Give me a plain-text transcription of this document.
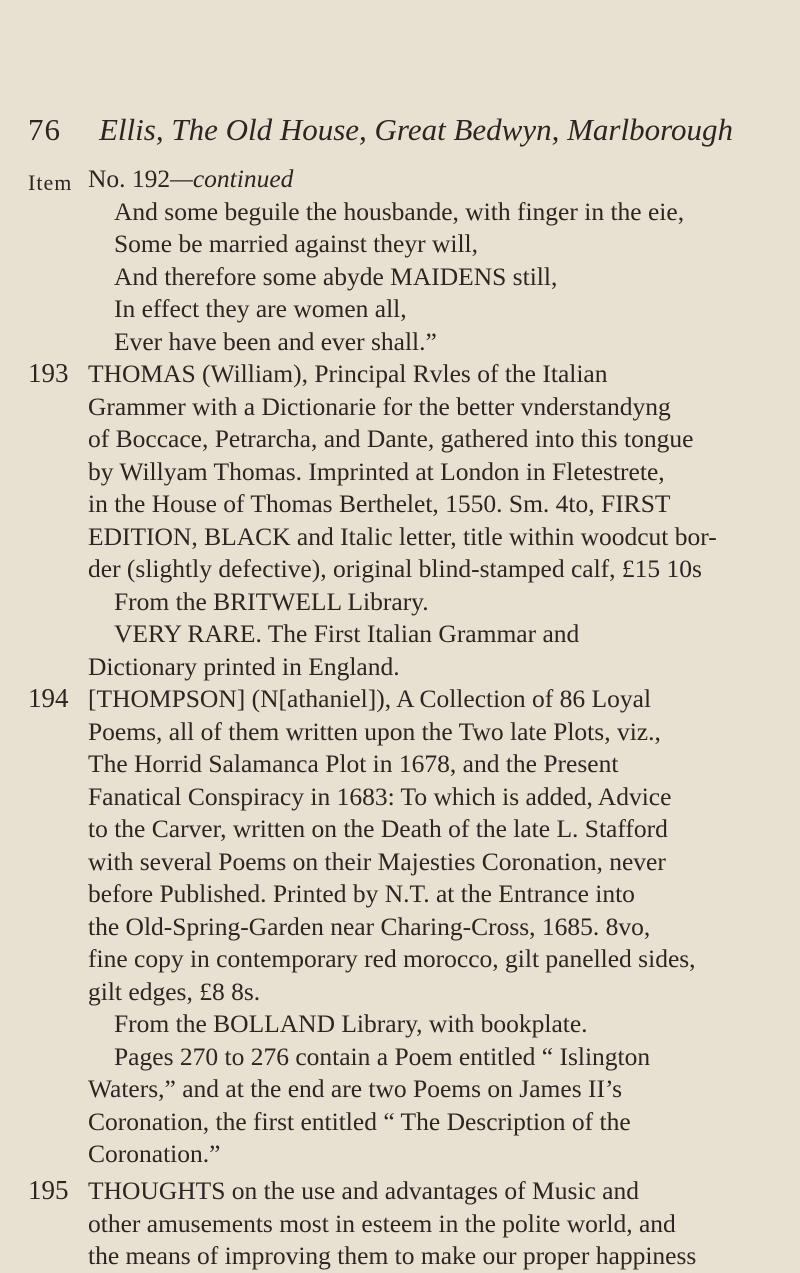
76 Ellis, The Old House, Great Bedwyn, Marlborough
Item No. 192—continued
And some beguile the housbande, with finger in the eie,
Some be married against theyr will,
And therefore some abyde MAIDENS still,
In effect they are women all,
Ever have been and ever shall.”
193 THOMAS (William), Principal Rvles of the Italian
Grammer with a Dictionarie for the better vnderstandyng
of Boccace, Petrarcha, and Dante, gathered into this tongue
by Willyam Thomas. Imprinted at London in Fletestrete,
in the House of Thomas Berthelet, 1550. Sm. 4to, FIRST
EDITION, BLACK and Italic letter, title within woodcut bor-
der (slightly defective), original blind-stamped calf, £15 10s
From the BRITWELL Library.
VERY RARE. The First Italian Grammar and
Dictionary printed in England.
194 [THOMPSON] (N[athaniel]), A Collection of 86 Loyal
Poems, all of them written upon the Two late Plots, viz.,
The Horrid Salamanca Plot in 1678, and the Present
Fanatical Conspiracy in 1683: To which is added, Advice
to the Carver, written on the Death of the late L. Stafford
with several Poems on their Majesties Coronation, never
before Published. Printed by N.T. at the Entrance into
the Old-Spring-Garden near Charing-Cross, 1685. 8vo,
fine copy in contemporary red morocco, gilt panelled sides,
gilt edges, £8 8s.
From the BOLLAND Library, with bookplate.
Pages 270 to 276 contain a Poem entitled “ Islington
Waters,” and at the end are two Poems on James II’s
Coronation, the first entitled “ The Description of the
Coronation.”
195 THOUGHTS on the use and advantages of Music and
other amusements most in esteem in the polite world, and
the means of improving them to make our proper happiness
